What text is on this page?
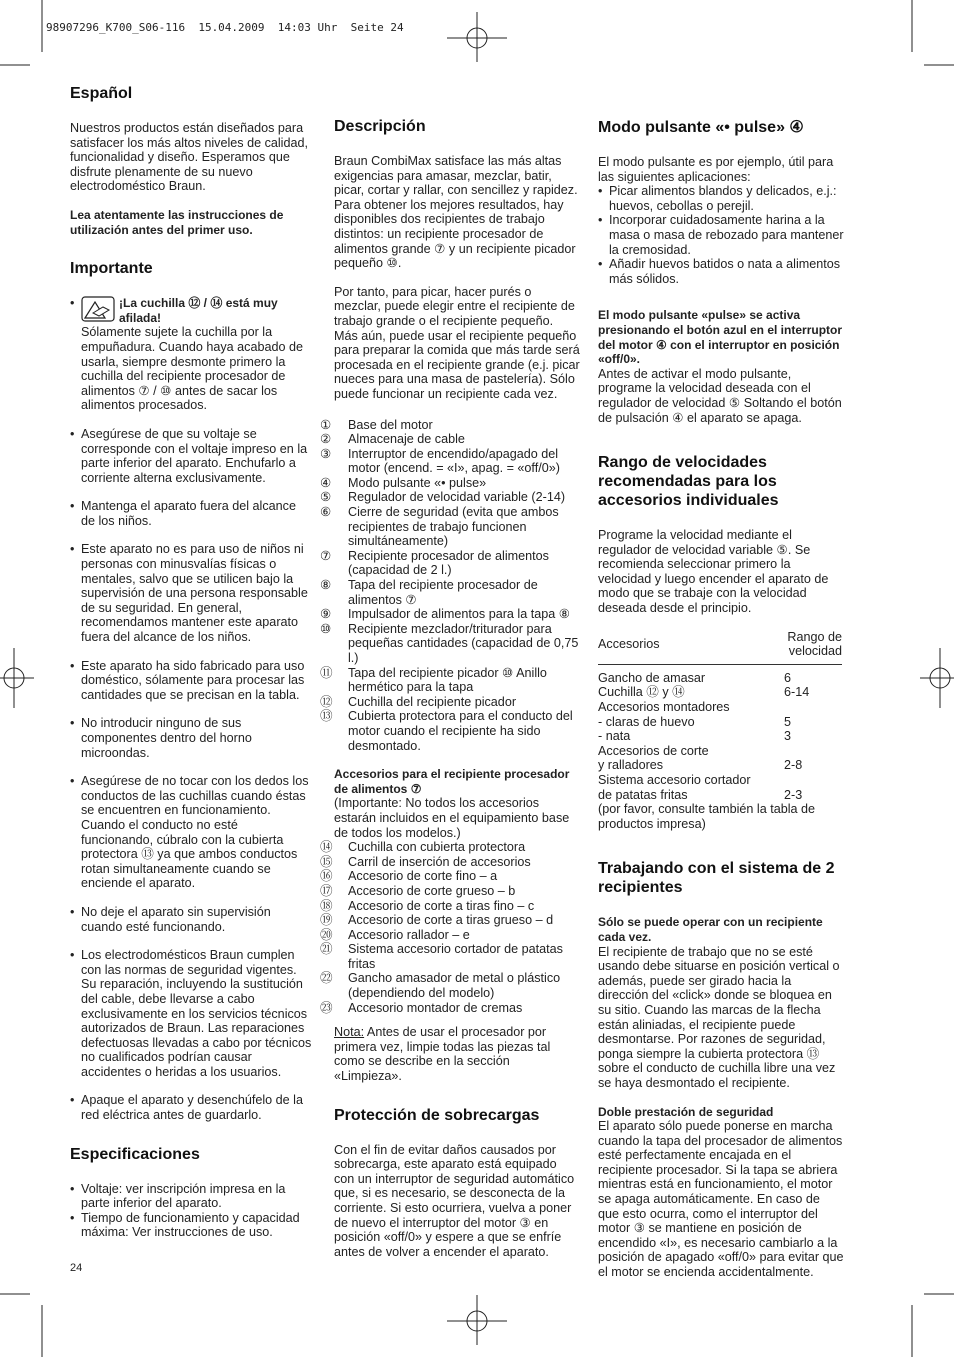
98907296_K700_S06-116  15.04.2009  14:03 Uhr  Seite 24
Español

Nuestros productos están diseñados para satisfacer los más altos niveles de calidad, funcionalidad y diseño. Esperamos que disfrute plenamente de su nuevo electrodoméstico Braun.

Lea atentamente las instrucciones de utilización antes del primer uso.

Importante
• ¡La cuchilla ⑫ / ⑭ está muy afilada!
Sólamente sujete la cuchilla por la empuñadura. Cuando haya acabado de usarla, siempre desmonte primero la cuchilla del recipiente procesador de alimentos ⑦ / ⑩ antes de sacar los alimentos procesados.
• Asegúrese de que su voltaje se corresponde con el voltaje impreso en la parte inferior del aparato. Enchufarlo a corriente alterna exclusivamente.
• Mantenga el aparato fuera del alcance de los niños.
• Este aparato no es para uso de niños ni personas con minusvalías físicas o mentales, salvo que se utilicen bajo la supervisión de una persona responsable de su seguridad. En general, recomendamos mantener este aparato fuera del alcance de los niños.
• Este aparato ha sido fabricado para uso doméstico, sólamente para procesar las cantidades que se precisan en la tabla.
• No introducir ninguno de sus componentes dentro del horno microondas.
• Asegúrese de no tocar con los dedos los conductos de las cuchillas cuando éstas se encuentren en funcionamiento. Cuando el conducto no esté funcionando, cúbralo con la cubierta protectora ⑬ ya que ambos conductos rotan simultaneamente cuando se enciende el aparato.
• No deje el aparato sin supervisión cuando esté funcionando.
• Los electrodomésticos Braun cumplen con las normas de seguridad vigentes. Su reparación, incluyendo la sustitución del cable, debe llevarse a cabo exclusivamente en los servicios técnicos autorizados de Braun. Las reparaciones defectuosas llevadas a cabo por técnicos no cualificados podrían causar accidentes o heridas a los usuarios.
• Apaque el aparato y desenchúfelo de la red eléctrica antes de guardarlo.
Especificaciones
• Voltaje: ver inscripción impresa en la parte inferior del aparato.
• Tiempo de funcionamiento y capacidad máxima: Ver instrucciones de uso.
Descripción

Braun CombiMax satisface las más altas exigencias para amasar, mezclar, batir, picar, cortar y rallar, con sencillez y rapidez. Para obtener los mejores resultados, hay disponibles dos recipientes de trabajo distintos: un recipiente procesador de alimentos grande ⑦ y un recipiente picador pequeño ⑩.

Por tanto, para picar, hacer purés o mezclar, puede elegir entre el recipiente de trabajo grande o el recipiente pequeño. Más aún, puede usar el recipiente pequeño para preparar la comida que más tarde será procesada en el recipiente grande (e.j. picar nueces para una masa de pastelería). Sólo puede funcionar un recipiente cada vez.

① Base del motor
② Almacenaje de cable
③ Interruptor de encendido/apagado del motor (encend. = «I», apag. = «off/0»)
④ Modo pulsante «• pulse»
⑤ Regulador de velocidad variable (2-14)
⑥ Cierre de seguridad (evita que ambos recipientes de trabajo funcionen simultáneamente)
⑦ Recipiente procesador de alimentos (capacidad de 2 l.)
⑧ Tapa del recipiente procesador de alimentos ⑦
⑨ Impulsador de alimentos para la tapa ⑧
⑩ Recipiente mezclador/triturador para pequeñas cantidades (capacidad de 0,75 l.)
⑪ Tapa del recipiente picador ⑩ Anillo hermético para la tapa
⑫ Cuchilla del recipiente picador
⑬ Cubierta protectora para el conducto del motor cuando el recipiente ha sido desmontado.
Accesorios para el recipiente procesador de alimentos ⑦
(Importante: No todos los accesorios estarán incluidos en el equipamiento base de todos los modelos.)
⑭ Cuchilla con cubierta protectora
⑮ Carril de inserción de accesorios
⑯ Accesorio de corte fino – a
⑰ Accesorio de corte grueso – b
⑱ Accesorio de corte a tiras fino – c
⑲ Accesorio de corte a tiras grueso – d
⑳ Accesorio rallador – e
㉑ Sistema accesorio cortador de patatas fritas
㉒ Gancho amasador de metal o plástico (dependiendo del modelo)
㉓ Accesorio montador de cremas

Nota: Antes de usar el procesador por primera vez, limpie todas las piezas tal como se describe en la sección «Limpieza».

Protección de sobrecargas

Con el fin de evitar daños causados por sobrecarga, este aparato está equipado con un interruptor de seguridad automático que, si es necesario, se desconecta de la corriente. Si esto ocurriera, vuelva a poner de nuevo el interruptor del motor ③ en posición «off/0» y espere a que se enfríe antes de volver a encender el aparato.

Modo pulsante «• pulse» ④
El modo pulsante es por ejemplo, útil para las siguientes aplicaciones:
• Picar alimentos blandos y delicados, e.j.: huevos, cebollas o perejil.
• Incorporar cuidadosamente harina a la masa o masa de rebozado para mantener la cremosidad.
• Añadir huevos batidos o nata a alimentos más sólidos.
El modo pulsante «pulse» se activa presionando el botón azul en el interruptor del motor ④ con el interruptor en posición «off/0».

Antes de activar el modo pulsante, programe la velocidad deseada con el regulador de velocidad ⑤ Soltando el botón de pulsación ④ el aparato se apaga.

Rango de velocidades recomendadas para los accesorios individuales

Programe la velocidad mediante el regulador de velocidad variable ⑤. Se recomienda seleccionar primero la velocidad y luego encender el aparato de modo que se trabaje con la velocidad deseada desde el principio.

Accesorios	Rango de velocidad

Gancho de amasar	6
Cuchilla ⑫ y ⑭	6-14
Accesorios montadores	
- claras de huevo	5
- nata	3
Accesorios de corte	
y ralladores	2-8
Sistema accesorio cortador	
de patatas fritas	2-3

(por favor, consulte también la tabla de productos impresa)

Trabajando con el sistema de 2 recipientes
Sólo se puede operar con un recipiente cada vez.

El recipiente de trabajo que no se esté usando debe situarse en posición vertical o además, puede ser girado hacia la dirección del «click» donde se bloquea en su sitio. Cuando las marcas de la flecha están aliniadas, el recipiente puede desmontarse. Por razones de seguridad, ponga siempre la cubierta protectora ⑬ sobre el conducto de cuchilla libre una vez se haya desmontado el recipiente.

Doble prestación de seguridad

El aparato sólo puede ponerse en marcha cuando la tapa del procesador de alimentos esté perfectamente encajada en el recipiente procesador. Si la tapa se abriera mientras está en funcionamiento, el motor se apaga automáticamente. En caso de que esto ocurra, como el interruptor del motor ③ se mantiene en posición de encendido «I», es necesario cambiarlo a la posición de apagado «off/0» para evitar que el motor se encienda accidentalmente.

24
